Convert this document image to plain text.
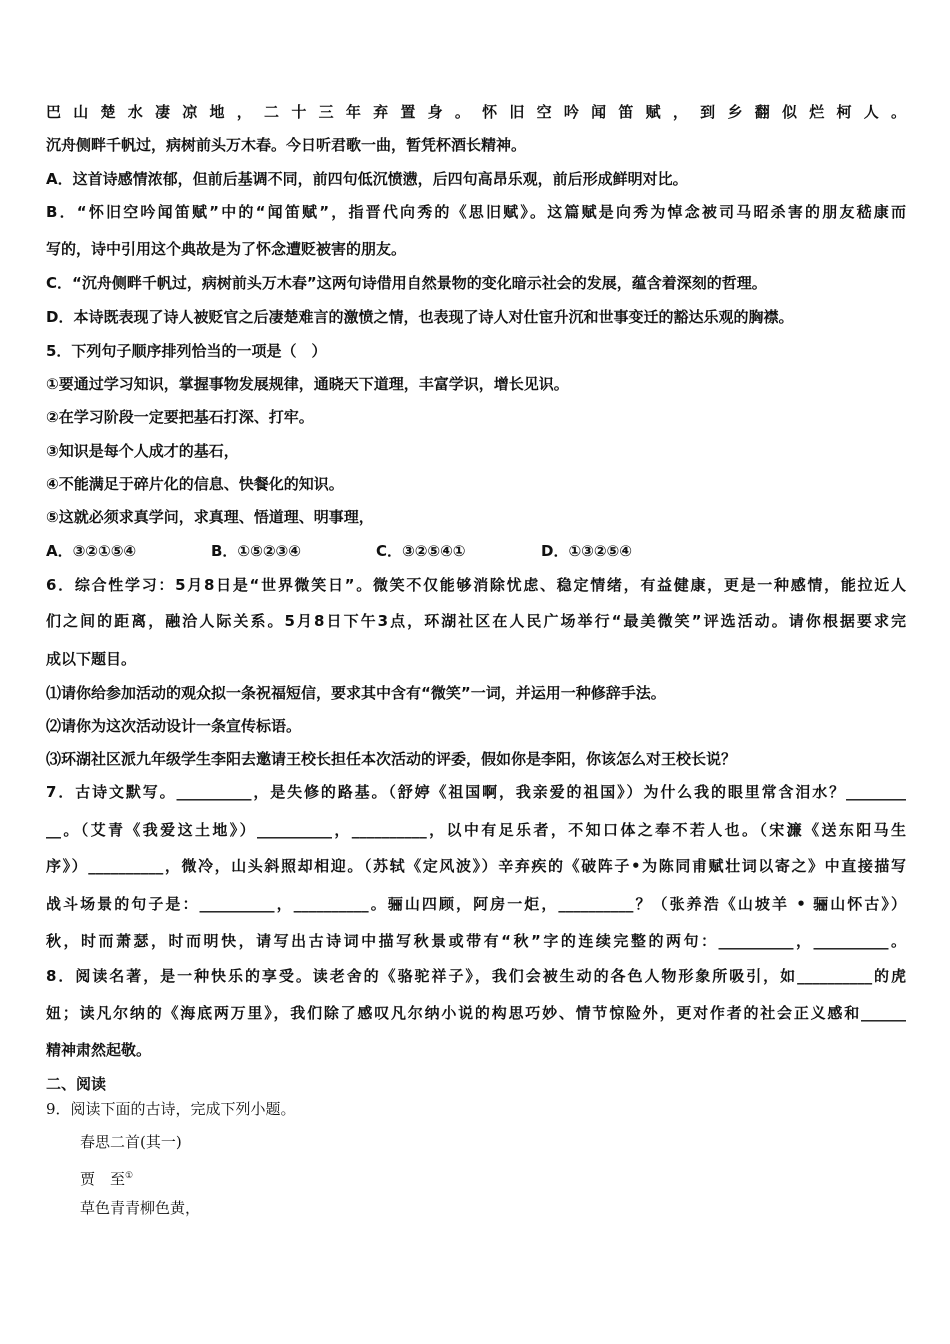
巴山楚水凄凉地，二十三年弃置身。怀旧空吟闻笛赋，到乡翻似烂柯人。
沉舟侧畔千帆过，病树前头万木春。今日听君歌一曲，暂凭杯酒长精神。
A．这首诗感情浓郁，但前后基调不同，前四句低沉愤懑，后四句高昂乐观，前后形成鲜明对比。
B．“怀旧空吟闻笛赋”中的“闻笛赋”，指晋代向秀的《思旧赋》。这篇赋是向秀为悼念被司马昭杀害的朋友嵇康而
写的，诗中引用这个典故是为了怀念遭贬被害的朋友。
C．“沉舟侧畔千帆过，病树前头万木春”这两句诗借用自然景物的变化暗示社会的发展，蕴含着深刻的哲理。
D．本诗既表现了诗人被贬官之后凄楚难言的激愤之情，也表现了诗人对仕宦升沉和世事变迁的豁达乐观的胸襟。
5．下列句子顺序排列恰当的一项是（　）
①要通过学习知识，掌握事物发展规律，通晓天下道理，丰富学识，增长见识。
②在学习阶段一定要把基石打深、打牢。
③知识是每个人成才的基石，
④不能满足于碎片化的信息、快餐化的知识。
⑤这就必须求真学问，求真理、悟道理、明事理，
A．③②①⑤④	B．①⑤②③④	C．③②⑤④①	D．①③②⑤④
6．综合性学习：5月8日是“世界微笑日”。微笑不仅能够消除忧虑、稳定情绪，有益健康，更是一种感情，能拉近人
们之间的距离，融洽人际关系。5月8日下午3点，环湖社区在人民广场举行“最美微笑”评选活动。请你根据要求完
成以下题目。
⑴请你给参加活动的观众拟一条祝福短信，要求其中含有“微笑”一词，并运用一种修辞手法。
⑵请你为这次活动设计一条宣传标语。
⑶环湖社区派九年级学生李阳去邀请王校长担任本次活动的评委，假如你是李阳，你该怎么对王校长说？
7．古诗文默写。__________，是失修的路基。（舒婷《祖国啊，我亲爱的祖国》）为什么我的眼里常含泪水？________
__。（艾青《我爱这土地》）__________，__________，以中有足乐者，不知口体之奉不若人也。（宋濂《送东阳马生
序》）__________，微冷，山头斜照却相迎。（苏轼《定风波》）辛弃疾的《破阵子•为陈同甫赋壮词以寄之》中直接描写
战斗场景的句子是：__________，__________。骊山四顾，阿房一炬，__________？（张养浩《山坡羊 • 骊山怀古》）
秋，时而萧瑟，时而明快，请写出古诗词中描写秋景或带有“秋”字的连续完整的两句：__________，__________。
8．阅读名著，是一种快乐的享受。读老舍的《骆驼祥子》，我们会被生动的各色人物形象所吸引，如__________的虎
妞；读凡尔纳的《海底两万里》，我们除了感叹凡尔纳小说的构思巧妙、情节惊险外，更对作者的社会正义感和______
精神肃然起敬。
二、阅读
9．阅读下面的古诗，完成下列小题。
春思二首(其一)
贾　至①
草色青青柳色黄，
